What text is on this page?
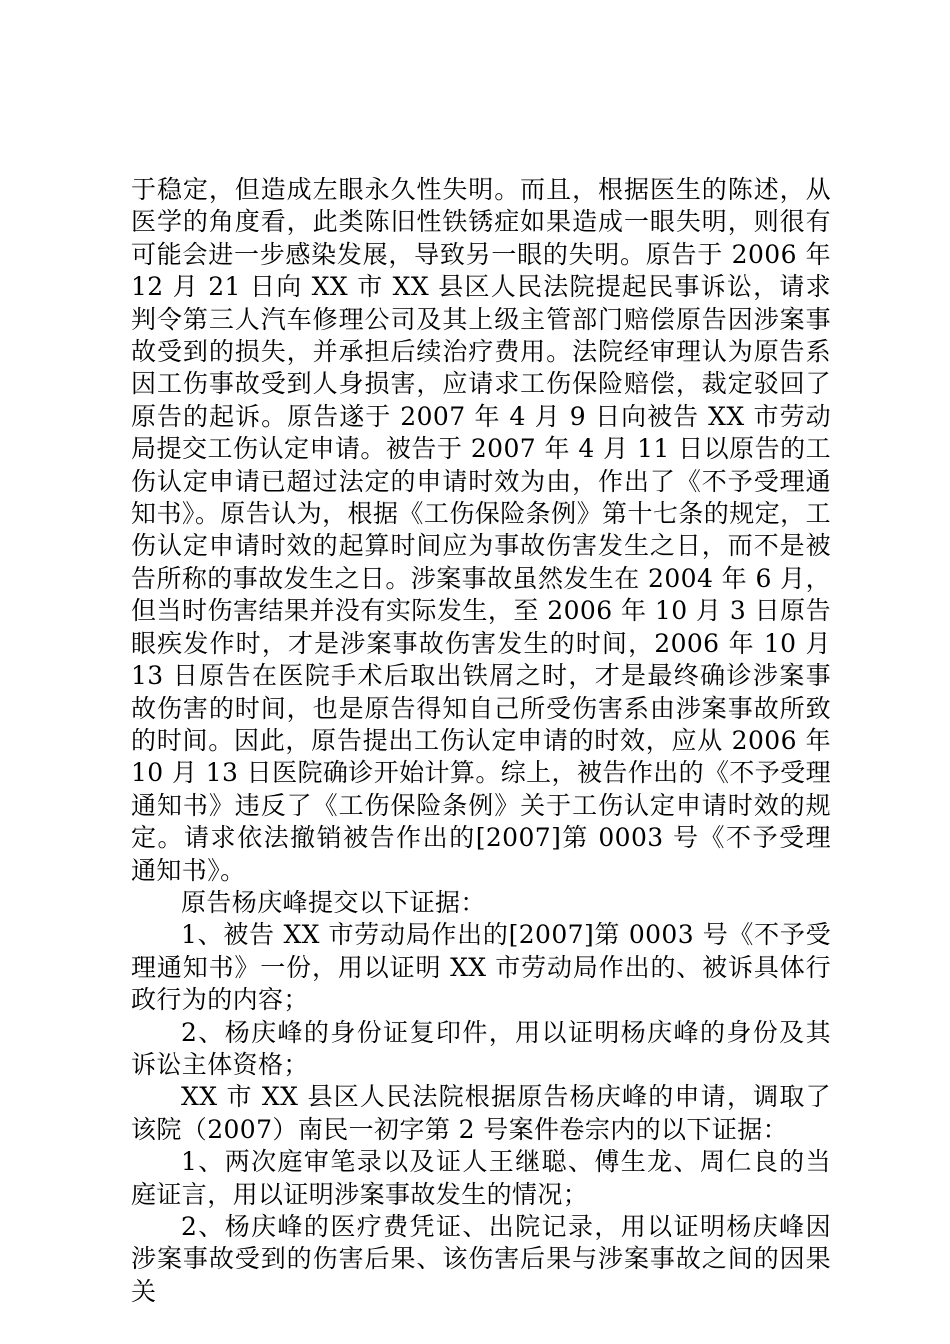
于稳定，但造成左眼永久性失明。而且，根据医生的陈述，从医学的角度看，此类陈旧性铁锈症如果造成一眼失明，则很有可能会进一步感染发展，导致另一眼的失明。原告于 2006 年 12 月 21 日向 XX 市 XX 县区人民法院提起民事诉讼，请求判令第三人汽车修理公司及其上级主管部门赔偿原告因涉案事故受到的损失，并承担后续治疗费用。法院经审理认为原告系因工伤事故受到人身损害，应请求工伤保险赔偿，裁定驳回了原告的起诉。原告遂于 2007 年 4 月 9 日向被告 XX 市劳动局提交工伤认定申请。被告于 2007 年 4 月 11 日以原告的工伤认定申请已超过法定的申请时效为由，作出了《不予受理通知书》。原告认为，根据《工伤保险条例》第十七条的规定，工伤认定申请时效的起算时间应为事故伤害发生之日，而不是被告所称的事故发生之日。涉案事故虽然发生在 2004 年 6 月，但当时伤害结果并没有实际发生，至 2006 年 10 月 3 日原告眼疾发作时，才是涉案事故伤害发生的时间，2006 年 10 月 13 日原告在医院手术后取出铁屑之时，才是最终确诊涉案事故伤害的时间，也是原告得知自己所受伤害系由涉案事故所致的时间。因此，原告提出工伤认定申请的时效，应从 2006 年 10 月 13 日医院确诊开始计算。综上，被告作出的《不予受理通知书》违反了《工伤保险条例》关于工伤认定申请时效的规定。请求依法撤销被告作出的[2007]第 0003 号《不予受理通知书》。

原告杨庆峰提交以下证据：

1、被告 XX 市劳动局作出的[2007]第 0003 号《不予受理通知书》一份，用以证明 XX 市劳动局作出的、被诉具体行政行为的内容；

2、杨庆峰的身份证复印件，用以证明杨庆峰的身份及其诉讼主体资格；

XX 市 XX 县区人民法院根据原告杨庆峰的申请，调取了该院（2007）南民一初字第 2 号案件卷宗内的以下证据：

1、两次庭审笔录以及证人王继聪、傅生龙、周仁良的当庭证言，用以证明涉案事故发生的情况；

2、杨庆峰的医疗费凭证、出院记录，用以证明杨庆峰因涉案事故受到的伤害后果、该伤害后果与涉案事故之间的因果关
